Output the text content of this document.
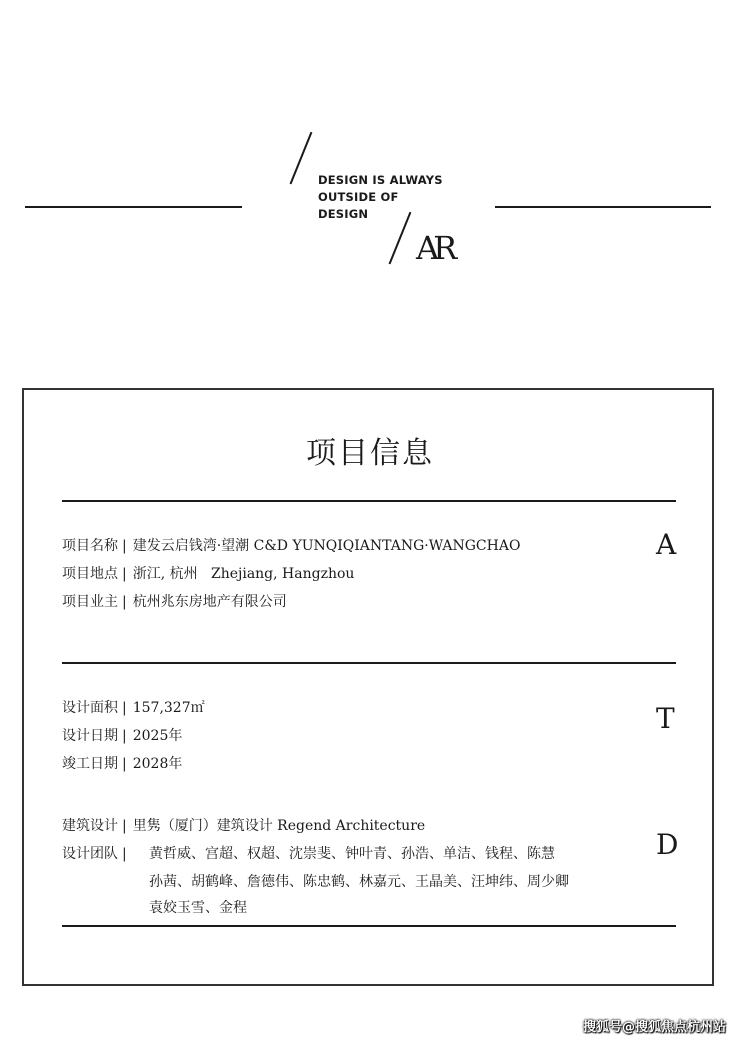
DESIGN IS ALWAYS
OUTSIDE OF
DESIGN
AR
项目信息
项目名称 | 建发云启钱湾·望潮 C&D YUNQIQIANTANG·WANGCHAO
项目地点 | 浙江, 杭州   Zhejiang, Hangzhou
项目业主 | 杭州兆东房地产有限公司
A
设计面积 | 157,327㎡
设计日期 | 2025年
竣工日期 | 2028年
T
建筑设计 | 里隽（厦门）建筑设计 Regend Architecture
设计团队 |	黄哲威、宫超、权超、沈崇斐、钟叶青、孙浩、单洁、钱程、陈慧
孙茜、胡鹤峰、詹德伟、陈忠鹤、林嘉元、王晶美、汪坤纬、周少卿
袁姣玉雪、金程
D
搜狐号@搜狐焦点杭州站
